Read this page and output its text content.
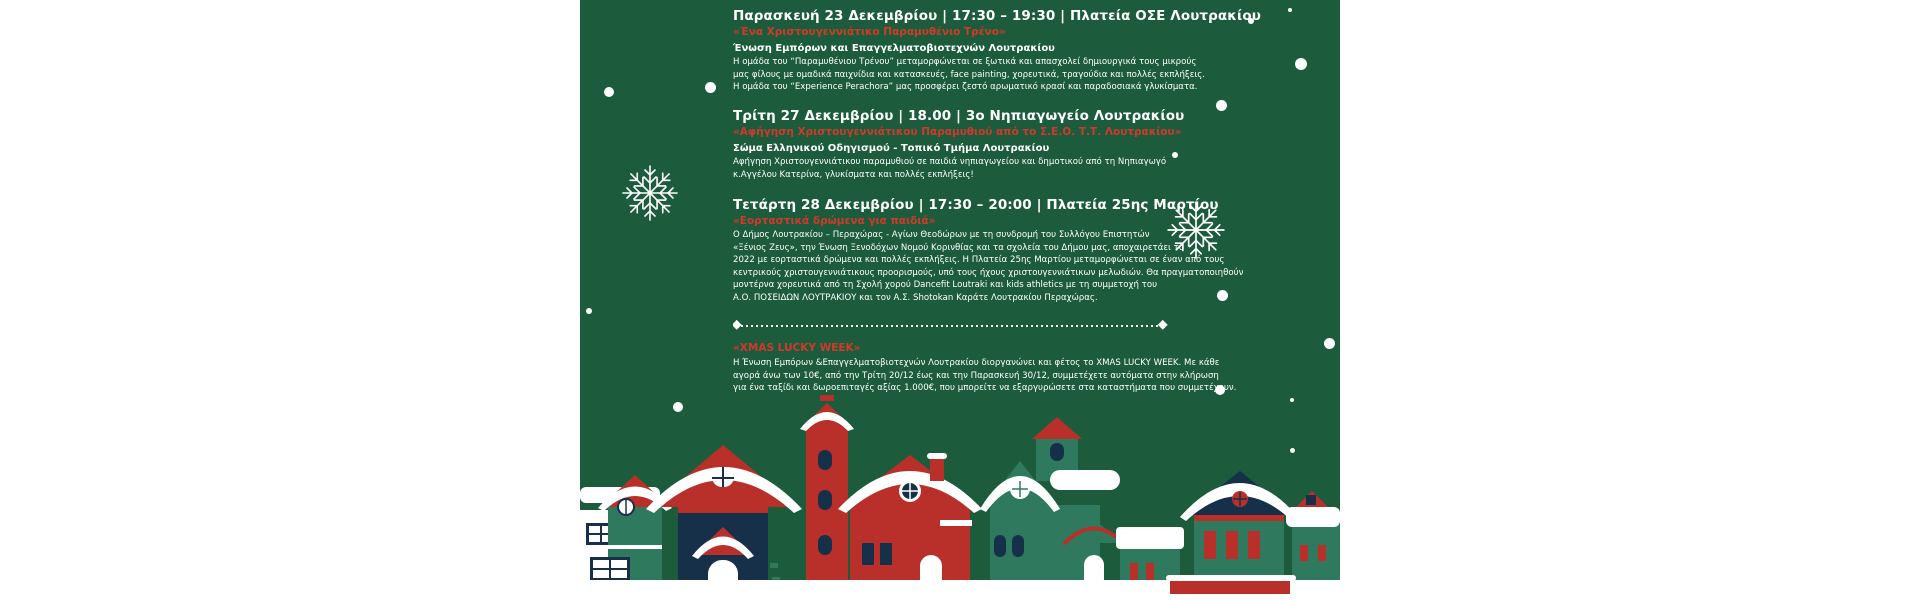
Παρασκευή 23 Δεκεμβρίου | 17:30 – 19:30 | Πλατεία ΟΣΕ Λουτρακίου
«Ένα Χριστουγεννιάτικο Παραμυθένιο Τρένο»
Ένωση Εμπόρων και Επαγγελματοβιοτεχνών Λουτρακίου
Η ομάδα του “Παραμυθένιου Τρένου” μεταμορφώνεται σε ξωτικά και απασχολεί δημιουργικά τους μικρούς
μας φίλους με ομαδικά παιχνίδια και κατασκευές, face painting, χορευτικά, τραγούδια και πολλές εκπλήξεις.
Η ομάδα του “Experience Perachora” μας προσφέρει ζεστό αρωματικό κρασί και παραδοσιακά γλυκίσματα.
Τρίτη 27 Δεκεμβρίου | 18.00 | 3ο Νηπιαγωγείο Λουτρακίου
«Αφήγηση Χριστουγεννιάτικου Παραμυθιού από το Σ.Ε.Ο. Τ.Τ. Λουτρακίου»
Σώμα Ελληνικού Οδηγισμού - Τοπικό Τμήμα Λουτρακίου
Αφήγηση Χριστουγεννιάτικου παραμυθιού σε παιδιά νηπιαγωγείου και δημοτικού από τη Νηπιαγωγό
κ.Αγγέλου Κατερίνα, γλυκίσματα και πολλές εκπλήξεις!
Τετάρτη 28 Δεκεμβρίου | 17:30 – 20:00 | Πλατεία 25ης Μαρτίου
«Εορταστικά δρώμενα για παιδιά»
Ο Δήμος Λουτρακίου – Περαχώρας - Αγίων Θεοδώρων με τη συνδρομή του Συλλόγου Επιστητών
«Ξένιος Ζευς», την Ένωση Ξενοδόχων Νομού Κορινθίας και τα σχολεία του Δήμου μας, αποχαιρετάει το
2022 με εορταστικά δρώμενα και πολλές εκπλήξεις. Η Πλατεία 25ης Μαρτίου μεταμορφώνεται σε έναν από τους
κεντρικούς χριστουγεννιάτικους προορισμούς, υπό τους ήχους χριστουγεννιάτικων μελωδιών. Θα πραγματοποιηθούν
μοντέρνα χορευτικά από τη Σχολή χορού Dancefit Loutraki και kids athletics με τη συμμετοχή του
Α.Ο. ΠΟΣΕΙΔΩΝ ΛΟΥΤΡΑΚΙΟΥ και τον Α.Σ. Shotokan Καράτε Λουτρακίου Περαχώρας.
«XMAS LUCKY WEEK»
Η Ένωση Εμπόρων &Επαγγελματοβιοτεχνών Λουτρακίου διοργανώνει και φέτος το XMAS LUCKY WEEK. Με κάθε
αγορά άνω των 10€, από την Τρίτη 20/12 έως και την Παρασκευή 30/12, συμμετέχετε αυτόματα στην κλήρωση
για ένα ταξίδι και δωροεπιταγές αξίας 1.000€, που μπορείτε να εξαργυρώσετε στα καταστήματα που συμμετέχουν.
